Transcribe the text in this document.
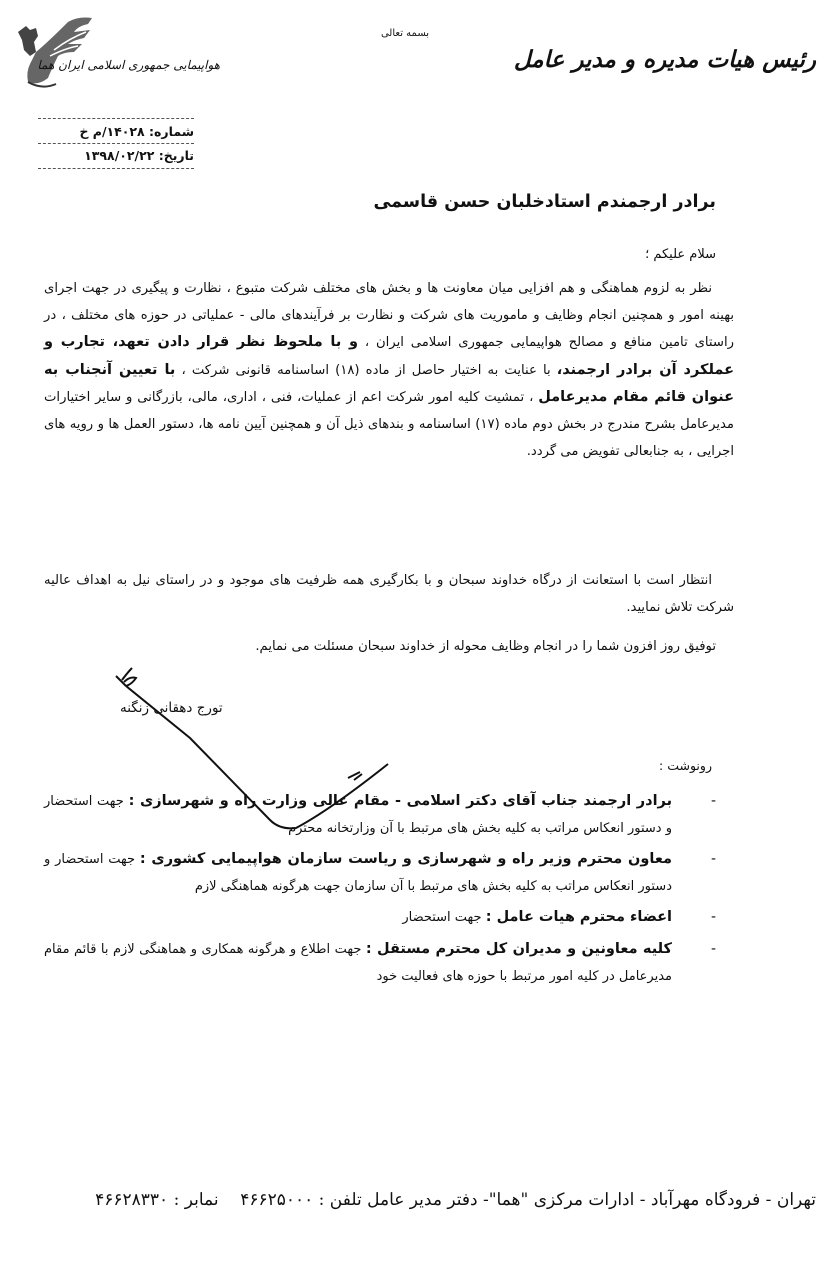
بسمه تعالی
هواپیمایی جمهوری اسلامی ایران هما	رئیس هیات مدیره و مدیر عامل
شماره: ۱۴۰۲۸/م خ
تاریخ: ۱۳۹۸/۰۲/۲۲
برادر ارجمندم استادخلبان حسن قاسمی
سلام علیکم ؛
نظر به لزوم هماهنگی و هم افزایی میان معاونت ها و بخش های مختلف شرکت متبوع ، نظارت و پیگیری در جهت اجرای بهینه امور و همچنین انجام وظایف و ماموریت های شرکت و نظارت بر فرآیندهای مالی - عملیاتی در حوزه های مختلف ، در راستای تامین منافع و مصالح هواپیمایی جمهوری اسلامی ایران ، و با ملحوظ نظر قرار دادن تعهد، تجارب و عملکرد آن برادر ارجمند، با عنایت به اختیار حاصل از ماده (۱۸) اساسنامه قانونی شرکت ، با تعیین آنجناب به عنوان قائم مقام مدیرعامل ، تمشیت کلیه امور شرکت اعم از عملیات، فنی ، اداری، مالی، بازرگانی و سایر اختیارات مدیرعامل بشرح مندرج در بخش دوم ماده (۱۷) اساسنامه و بندهای ذیل آن و همچنین آیین نامه ها، دستور العمل ها و رویه های اجرایی ، به جنابعالی تفویض می گردد.
انتظار است با استعانت از درگاه خداوند سبحان و با بکارگیری همه ظرفیت های موجود و در راستای نیل به اهداف عالیه شرکت تلاش نمایید.
توفیق روز افزون شما را در انجام وظایف محوله از خداوند سبحان مسئلت می نمایم.
تورج دهقانی زنگنه
رونوشت :
-
برادر ارجمند جناب آقای دکتر اسلامی - مقام عالی وزارت راه و شهرسازی : جهت استحضار و دستور انعکاس مراتب به کلیه بخش های مرتبط با آن وزارتخانه محترم
-
معاون محترم وزیر راه و شهرسازی و ریاست سازمان هواپیمایی کشوری : جهت استحضار و دستور انعکاس مراتب به کلیه بخش های مرتبط با آن سازمان جهت هرگونه هماهنگی لازم
-
اعضاء محترم هیات عامل : جهت استحضار
-
کلیه معاونین و مدیران کل محترم مستقل : جهت اطلاع و هرگونه همکاری و هماهنگی لازم با قائم مقام مدیرعامل در کلیه امور مرتبط با حوزه های فعالیت خود
تهران - فرودگاه مهرآباد - ادارات مرکزی "هما"- دفتر مدیر عامل تلفن : ۴۶۶۲۵۰۰۰    نمابر : ۴۶۶۲۸۳۳۰
